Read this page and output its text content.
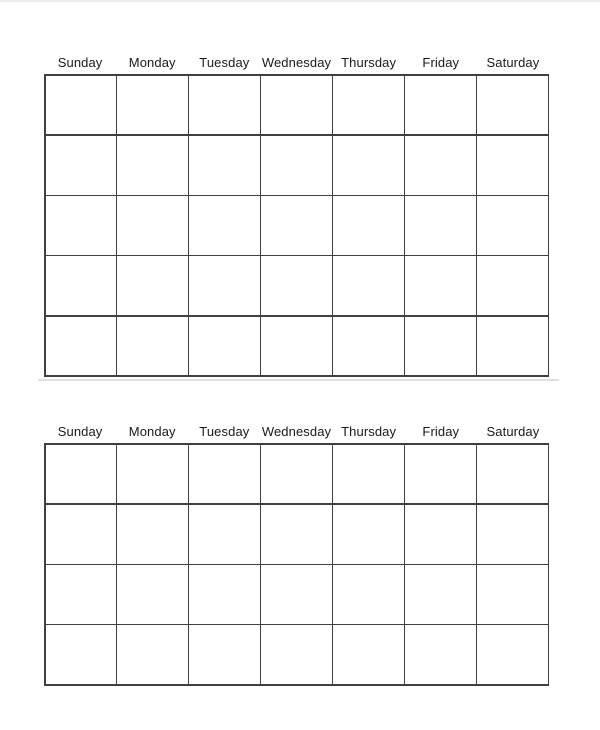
Sunday	Monday	Tuesday Wednesday Thursday	Friday	Saturday
Sunday	Monday	Tuesday Wednesday Thursday	Friday	Saturday
